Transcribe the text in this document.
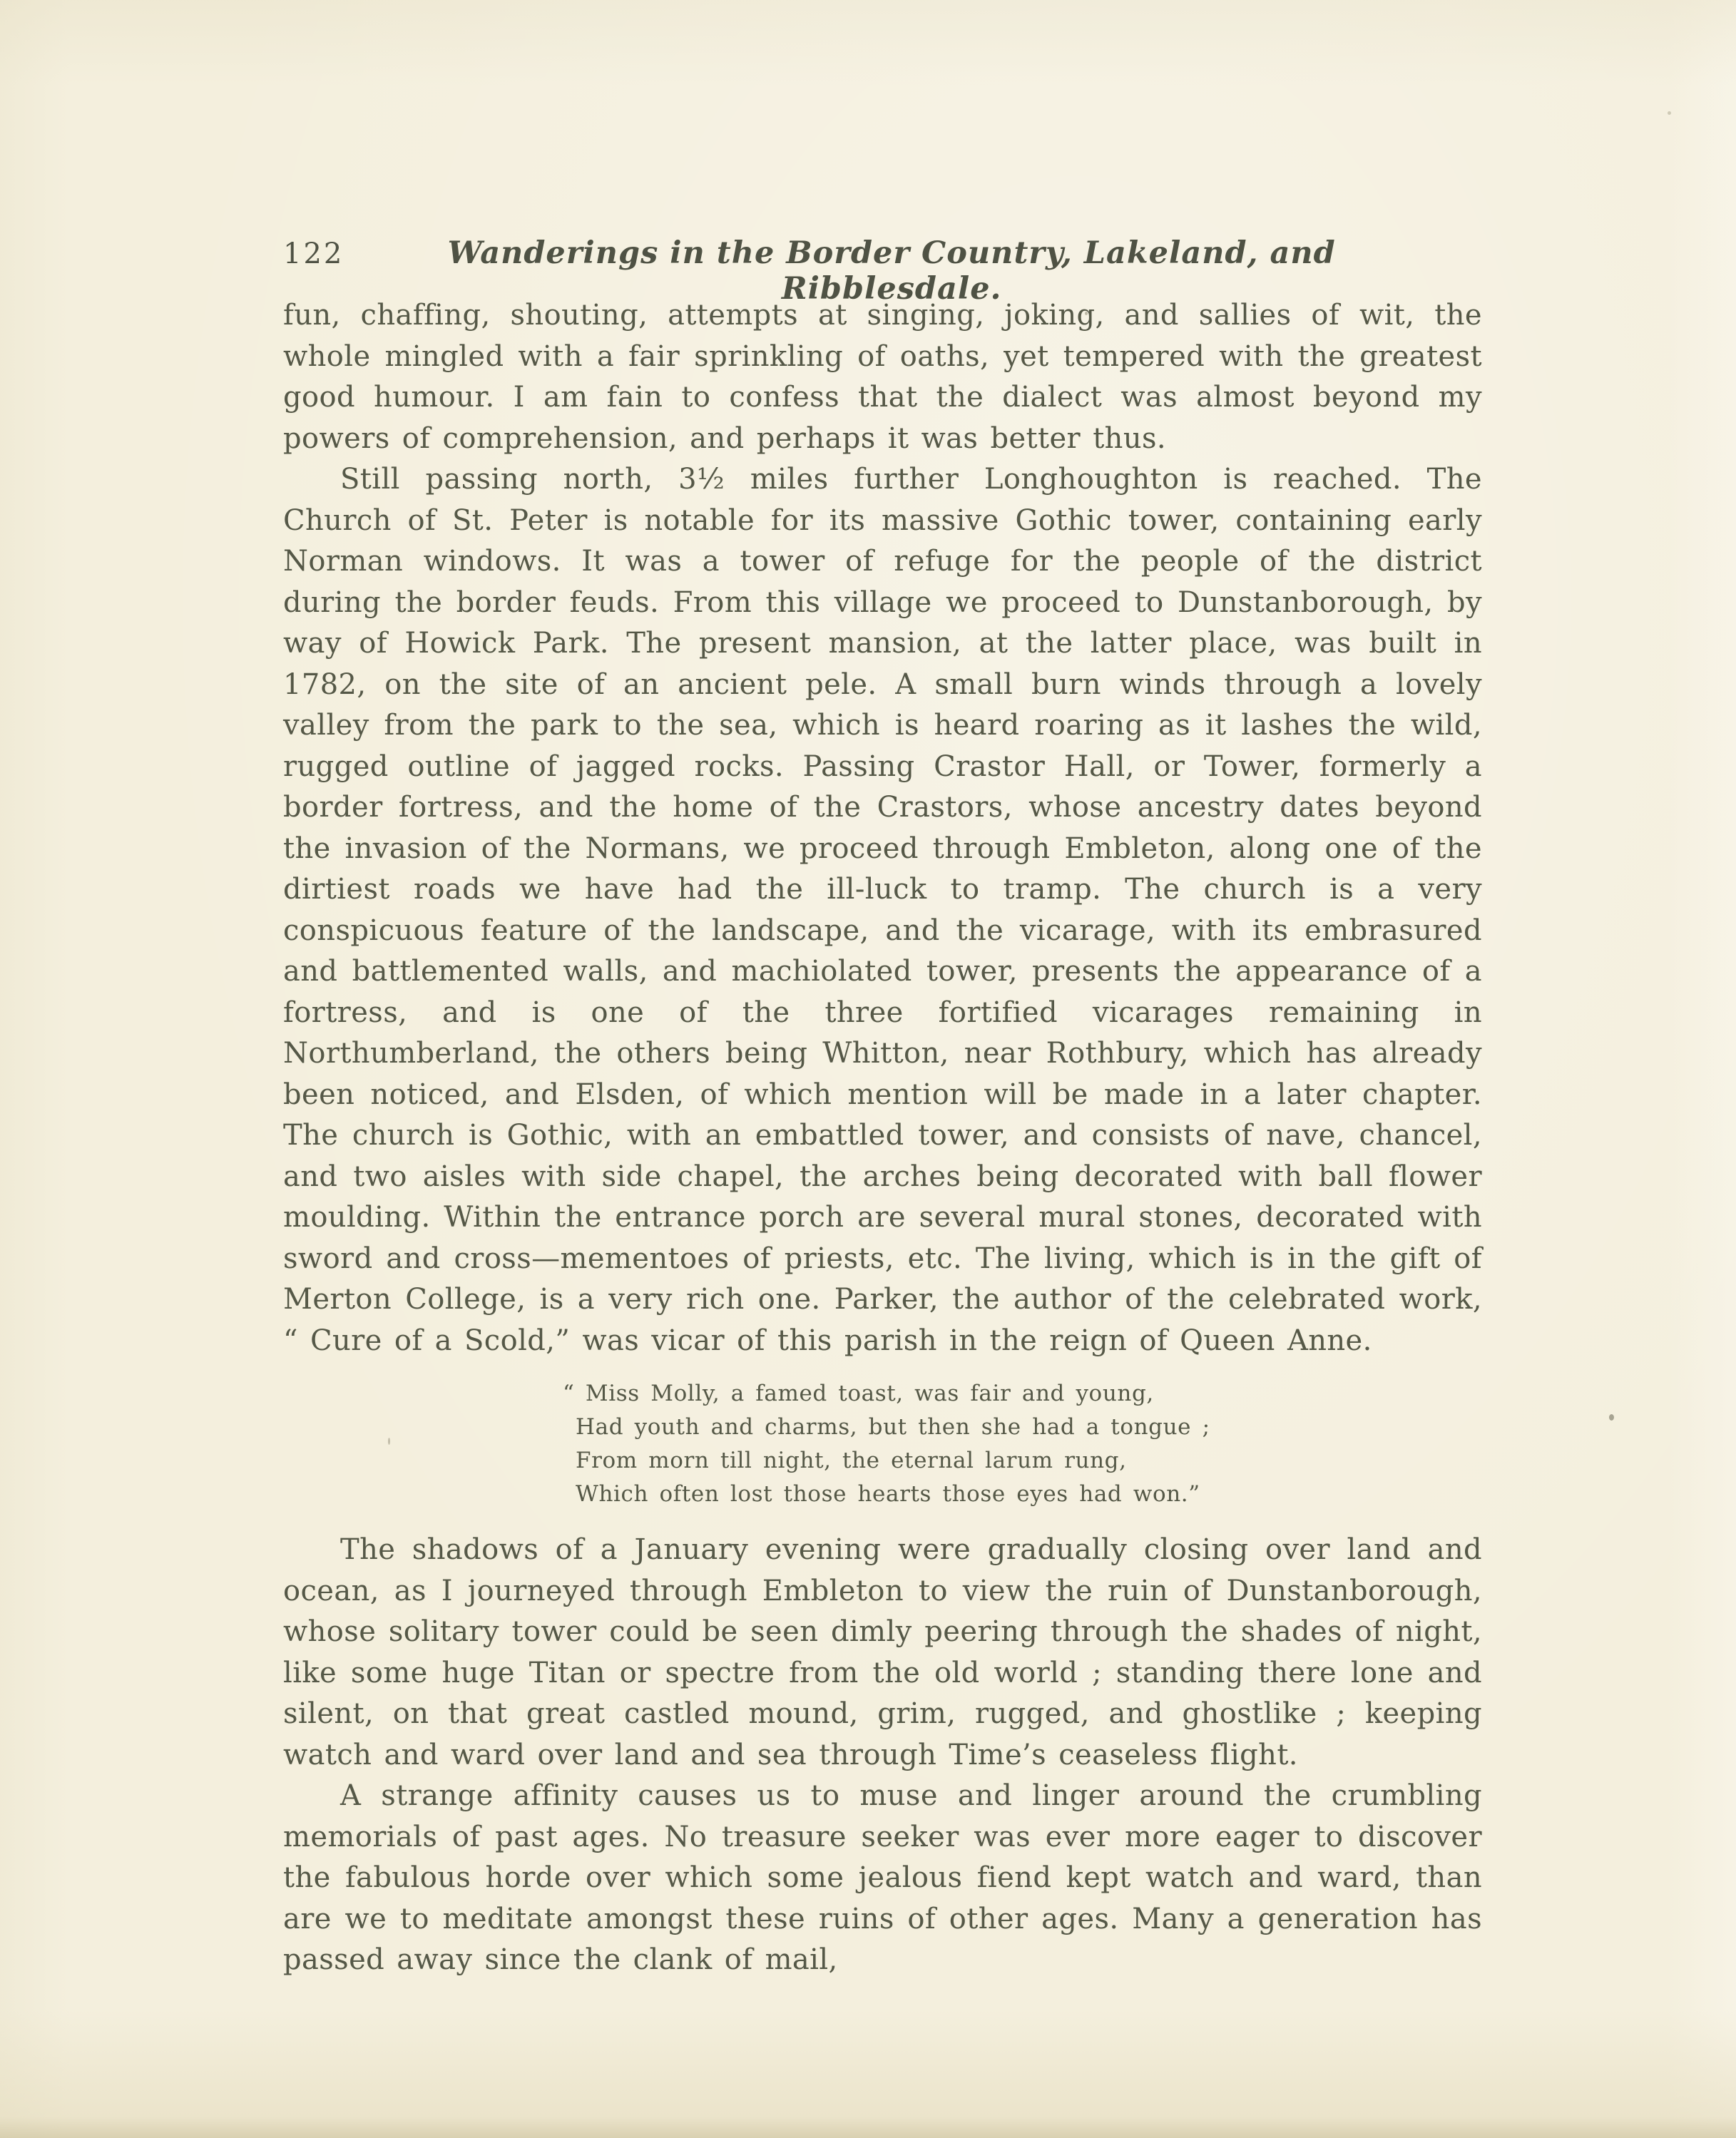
122	Wanderings in the Border Country, Lakeland, and Ribblesdale.

fun, chaffing, shouting, attempts at singing, joking, and sallies of wit, the whole mingled with a fair sprinkling of oaths, yet tempered with the greatest good humour. I am fain to confess that the dialect was almost beyond my powers of comprehension, and perhaps it was better thus.

Still passing north, 3½ miles further Longhoughton is reached. The Church of St. Peter is notable for its massive Gothic tower, containing early Norman windows. It was a tower of refuge for the people of the district during the border feuds. From this village we proceed to Dunstanborough, by way of Howick Park. The present mansion, at the latter place, was built in 1782, on the site of an ancient pele. A small burn winds through a lovely valley from the park to the sea, which is heard roaring as it lashes the wild, rugged outline of jagged rocks. Passing Crastor Hall, or Tower, formerly a border fortress, and the home of the Crastors, whose ancestry dates beyond the invasion of the Normans, we proceed through Embleton, along one of the dirtiest roads we have had the ill-luck to tramp. The church is a very conspicuous feature of the landscape, and the vicarage, with its embrasured and battlemented walls, and machiolated tower, presents the appearance of a fortress, and is one of the three fortified vicarages remaining in Northumberland, the others being Whitton, near Rothbury, which has already been noticed, and Elsden, of which mention will be made in a later chapter. The church is Gothic, with an embattled tower, and consists of nave, chancel, and two aisles with side chapel, the arches being decorated with ball flower moulding. Within the entrance porch are several mural stones, decorated with sword and cross—mementoes of priests, etc. The living, which is in the gift of Merton College, is a very rich one. Parker, the author of the celebrated work, “ Cure of a Scold,” was vicar of this parish in the reign of Queen Anne.

“ Miss Molly, a famed toast, was fair and young,
Had youth and charms, but then she had a tongue ;
From morn till night, the eternal larum rung,
Which often lost those hearts those eyes had won.”

The shadows of a January evening were gradually closing over land and ocean, as I journeyed through Embleton to view the ruin of Dunstanborough, whose solitary tower could be seen dimly peering through the shades of night, like some huge Titan or spectre from the old world ; standing there lone and silent, on that great castled mound, grim, rugged, and ghostlike ; keeping watch and ward over land and sea through Time’s ceaseless flight.

A strange affinity causes us to muse and linger around the crumbling memorials of past ages. No treasure seeker was ever more eager to discover the fabulous horde over which some jealous fiend kept watch and ward, than are we to meditate amongst these ruins of other ages. Many a generation has passed away since the clank of mail,
